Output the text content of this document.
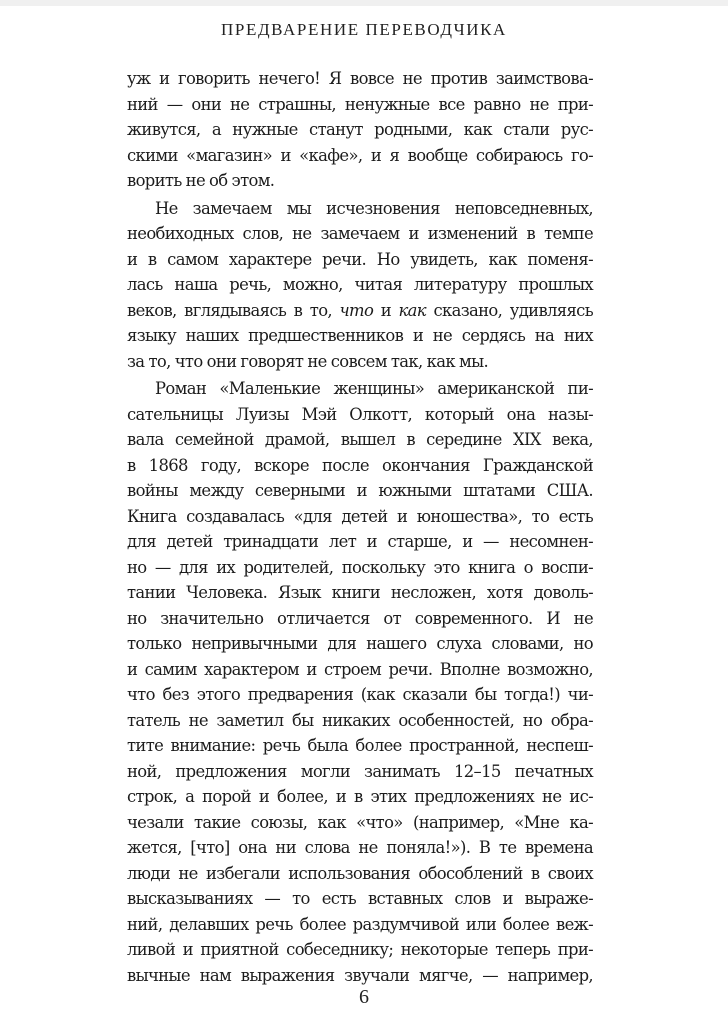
ПРЕДВАРЕНИЕ ПЕРЕВОДЧИКА
уж и говорить нечего! Я вовсе не против заимствова-
ний — они не страшны, ненужные все равно не при-
живутся, а нужные станут родными, как стали рус-
скими «магазин» и «кафе», и я вообще собираюсь го-
ворить не об этом.
Не замечаем мы исчезновения неповседневных,
необиходных слов, не замечаем и изменений в темпе
и в самом характере речи. Но увидеть, как поменя-
лась наша речь, можно, читая литературу прошлых
веков, вглядываясь в то, что и как сказано, удивляясь
языку наших предшественников и не сердясь на них
за то, что они говорят не совсем так, как мы.
Роман «Маленькие женщины» американской пи-
сательницы Луизы Мэй Олкотт, который она назы-
вала семейной драмой, вышел в середине XIX века,
в 1868 году, вскоре после окончания Гражданской
войны между северными и южными штатами США.
Книга создавалась «для детей и юношества», то есть
для детей тринадцати лет и старше, и — несомнен-
но — для их родителей, поскольку это книга о воспи-
тании Человека. Язык книги несложен, хотя доволь-
но значительно отличается от современного. И не
только непривычными для нашего слуха словами, но
и самим характером и строем речи. Вполне возможно,
что без этого предварения (как сказали бы тогда!) чи-
татель не заметил бы никаких особенностей, но обра-
тите внимание: речь была более пространной, неспеш-
ной, предложения могли занимать 12–15 печатных
строк, а порой и более, и в этих предложениях не ис-
чезали такие союзы, как «что» (например, «Мне ка-
жется, [что] она ни слова не поняла!»). В те времена
люди не избегали использования обособлений в своих
высказываниях — то есть вставных слов и выраже-
ний, делавших речь более раздумчивой или более веж-
ливой и приятной собеседнику; некоторые теперь при-
вычные нам выражения звучали мягче, — например,
6
